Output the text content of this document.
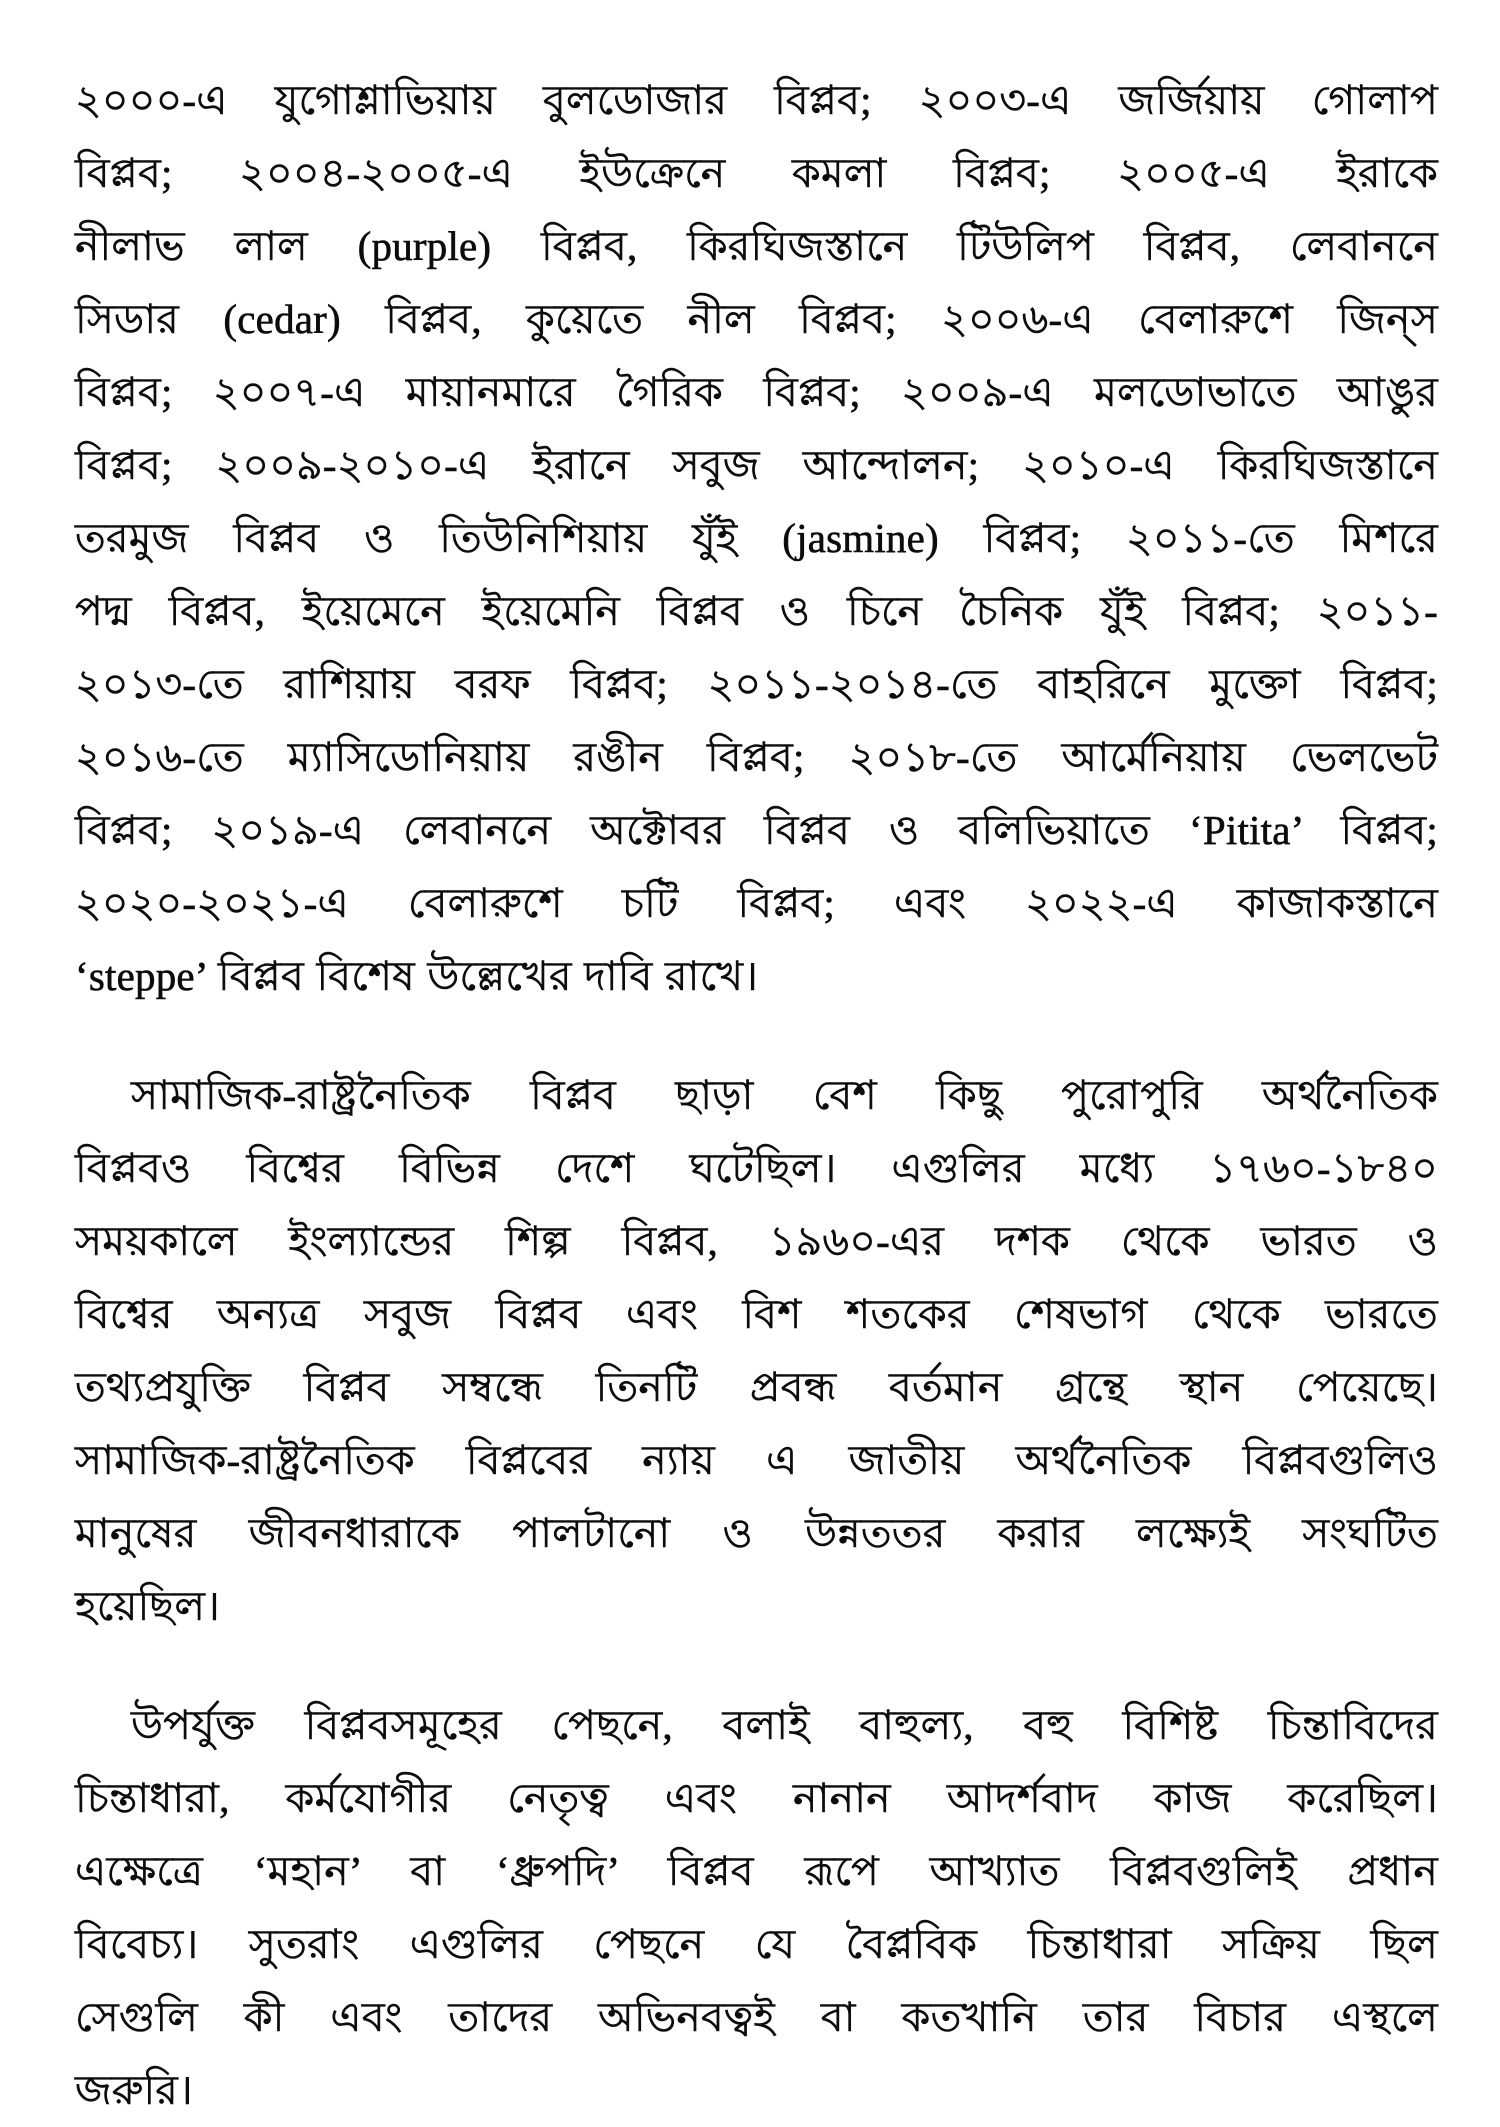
২০০০-এ যুগোশ্লাভিয়ায় বুলডোজার বিপ্লব; ২০০৩-এ জর্জিয়ায় গোলাপ
বিপ্লব; ২০০৪-২০০৫-এ ইউক্রেনে কমলা বিপ্লব; ২০০৫-এ ইরাকে
নীলাভ লাল (purple) বিপ্লব, কিরঘিজস্তানে টিউলিপ বিপ্লব, লেবাননে
সিডার (cedar) বিপ্লব, কুয়েতে নীল বিপ্লব; ২০০৬-এ বেলারুশে জিন্‌স
বিপ্লব; ২০০৭-এ মায়ানমারে গৈরিক বিপ্লব; ২০০৯-এ মলডোভাতে আঙুর
বিপ্লব; ২০০৯-২০১০-এ ইরানে সবুজ আন্দোলন; ২০১০-এ কিরঘিজস্তানে
তরমুজ বিপ্লব ও তিউনিশিয়ায় যুঁই (jasmine) বিপ্লব; ২০১১-তে মিশরে
পদ্ম বিপ্লব, ইয়েমেনে ইয়েমেনি বিপ্লব ও চিনে চৈনিক যুঁই বিপ্লব; ২০১১-
২০১৩-তে রাশিয়ায় বরফ বিপ্লব; ২০১১-২০১৪-তে বাহরিনে মুক্তো বিপ্লব;
২০১৬-তে ম্যাসিডোনিয়ায় রঙীন বিপ্লব; ২০১৮-তে আর্মেনিয়ায় ভেলভেট
বিপ্লব; ২০১৯-এ লেবাননে অক্টোবর বিপ্লব ও বলিভিয়াতে ‘Pitita’ বিপ্লব;
২০২০-২০২১-এ বেলারুশে চটি বিপ্লব; এবং ২০২২-এ কাজাকস্তানে
‘steppe’ বিপ্লব বিশেষ উল্লেখের দাবি রাখে।
সামাজিক-রাষ্ট্রনৈতিক বিপ্লব ছাড়া বেশ কিছু পুরোপুরি অর্থনৈতিক
বিপ্লবও বিশ্বের বিভিন্ন দেশে ঘটেছিল। এগুলির মধ্যে ১৭৬০-১৮৪০
সময়কালে ইংল্যান্ডের শিল্প বিপ্লব, ১৯৬০-এর দশক থেকে ভারত ও
বিশ্বের অন্যত্র সবুজ বিপ্লব এবং বিশ শতকের শেষভাগ থেকে ভারতে
তথ্যপ্রযুক্তি বিপ্লব সম্বন্ধে তিনটি প্রবন্ধ বর্তমান গ্রন্থে স্থান পেয়েছে।
সামাজিক-রাষ্ট্রনৈতিক বিপ্লবের ন্যায় এ জাতীয় অর্থনৈতিক বিপ্লবগুলিও
মানুষের জীবনধারাকে পালটানো ও উন্নততর করার লক্ষ্যেই সংঘটিত
হয়েছিল।
উপর্যুক্ত বিপ্লবসমূহের পেছনে, বলাই বাহুল্য, বহু বিশিষ্ট চিন্তাবিদের
চিন্তাধারা, কর্মযোগীর নেতৃত্ব এবং নানান আদর্শবাদ কাজ করেছিল।
এক্ষেত্রে ‘মহান’ বা ‘ধ্রুপদি’ বিপ্লব রূপে আখ্যাত বিপ্লবগুলিই প্রধান
বিবেচ্য। সুতরাং এগুলির পেছনে যে বৈপ্লবিক চিন্তাধারা সক্রিয় ছিল
সেগুলি কী এবং তাদের অভিনবত্বই বা কতখানি তার বিচার এস্থলে
জরুরি।
